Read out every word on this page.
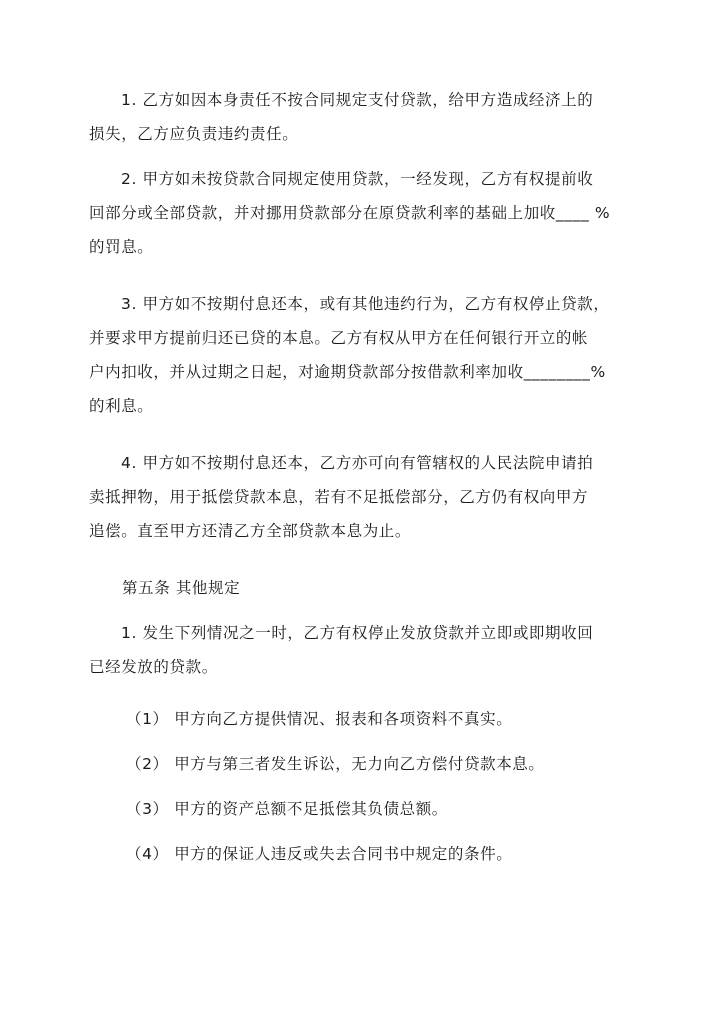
1. 乙方如因本身责任不按合同规定支付贷款，给甲方造成经济上的
损失，乙方应负责违约责任。
2. 甲方如未按贷款合同规定使用贷款，一经发现，乙方有权提前收
回部分或全部贷款，并对挪用贷款部分在原贷款利率的基础上加收____ %
的罚息。
3. 甲方如不按期付息还本，或有其他违约行为，乙方有权停止贷款，
并要求甲方提前归还已贷的本息。乙方有权从甲方在任何银行开立的帐
户内扣收，并从过期之日起，对逾期贷款部分按借款利率加收________%
的利息。
4. 甲方如不按期付息还本，乙方亦可向有管辖权的人民法院申请拍
卖抵押物，用于抵偿贷款本息，若有不足抵偿部分，乙方仍有权向甲方
追偿。直至甲方还清乙方全部贷款本息为止。

第五条 其他规定

1. 发生下列情况之一时，乙方有权停止发放贷款并立即或即期收回
已经发放的贷款。

（1） 甲方向乙方提供情况、报表和各项资料不真实。

（2） 甲方与第三者发生诉讼，无力向乙方偿付贷款本息。

（3） 甲方的资产总额不足抵偿其负债总额。

（4） 甲方的保证人违反或失去合同书中规定的条件。
